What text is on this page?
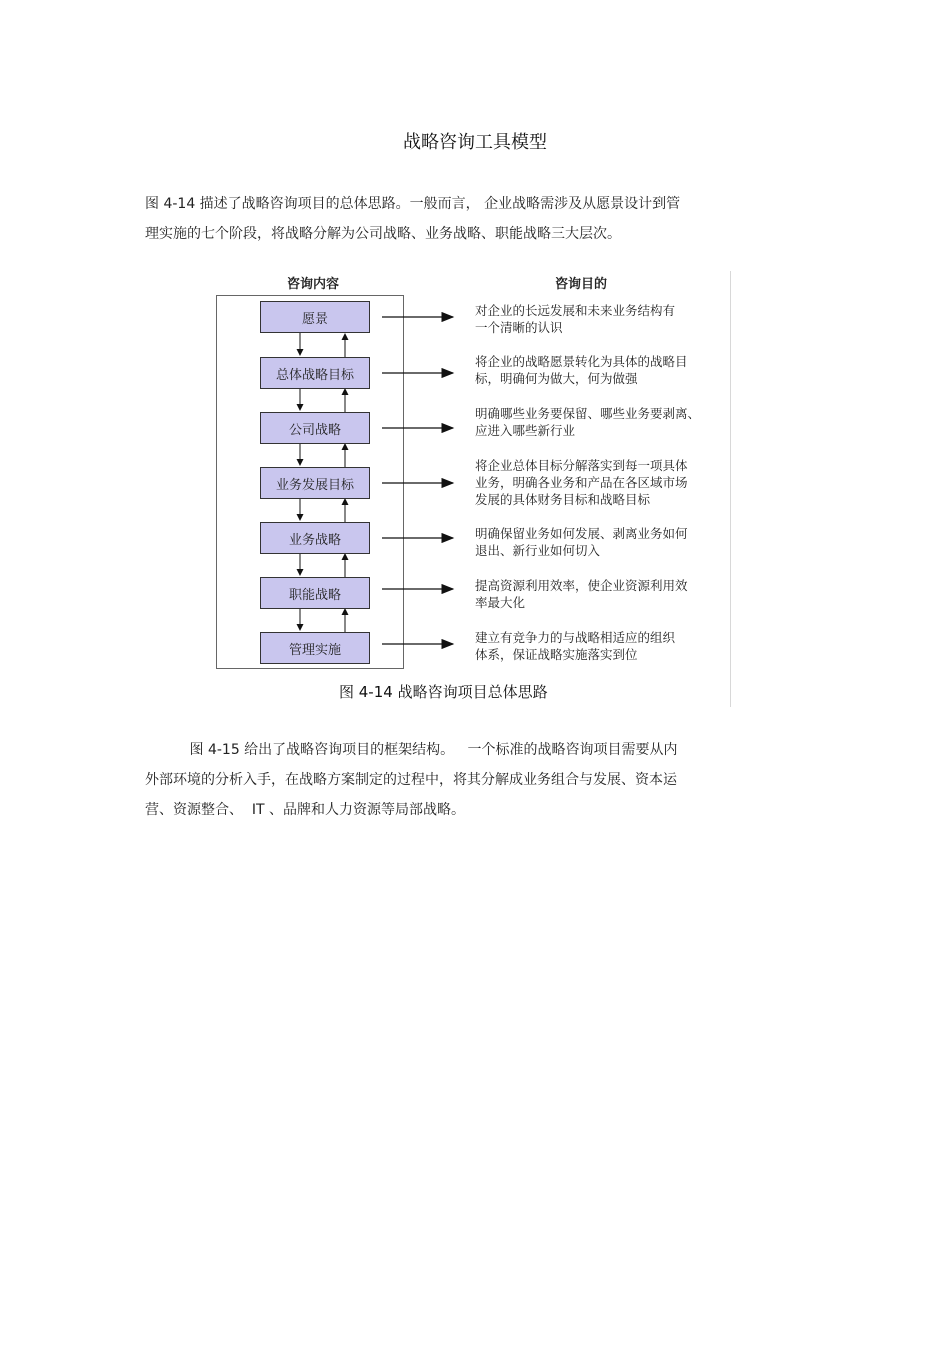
战略咨询工具模型
图 4-14 描述了战略咨询项目的总体思路。一般而言， 企业战略需涉及从愿景设计到管
理实施的七个阶段，将战略分解为公司战略、业务战略、职能战略三大层次。
咨询内容	咨询目的
愿景
总体战略目标
公司战略
业务发展目标
业务战略
职能战略
管理实施
对企业的长远发展和未来业务结构有
一个清晰的认识
将企业的战略愿景转化为具体的战略目
标，明确何为做大，何为做强
明确哪些业务要保留、哪些业务要剥离、
应进入哪些新行业
将企业总体目标分解落实到每一项具体
业务，明确各业务和产品在各区域市场
发展的具体财务目标和战略目标
明确保留业务如何发展、剥离业务如何
退出、新行业如何切入
提高资源利用效率，使企业资源利用效
率最大化
建立有竞争力的与战略相适应的组织
体系，保证战略实施落实到位
图 4-14 战略咨询项目总体思路
图 4-15 给出了战略咨询项目的框架结构。   一个标准的战略咨询项目需要从内
外部环境的分析入手，在战略方案制定的过程中，将其分解成业务组合与发展、资本运
营、资源整合、  IT 、品牌和人力资源等局部战略。
